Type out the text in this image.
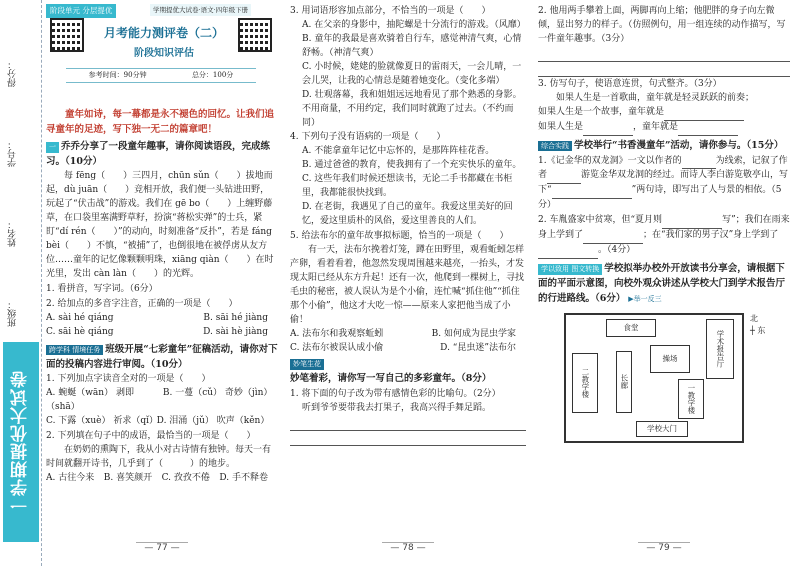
得分：
学号：
姓名：
班级：
一学期提优大试卷
阶段单元 分层提优	学期提优大试卷·语文·四年级下册
月考能力测评卷（二）
阶段知识评估
参考时间：90分钟	总分：100分
童年如诗，每一幕都是永不褪色的回忆。让我们追寻童年的足迹，写下独一无二的篇章吧！
一 乔乔分享了一段童年趣事，请你阅读语段，完成练习。（10分）
每 fēng（　　）三四月，chūn sǔn（　　）拔地而起，dù juān（　　）竞相开放，我们便一头钻进田野，玩起了“伏击战”的游戏。我们在 gē bo（　　）上缠野藤草，在口袋里塞满野草籽，扮演“蒋松实弹”的士兵，紧盯“dí rén（　　）”的动向，时刻准备“反扑”，若是 fáng bèi（　　）不慎，“被捕”了，也倒很地在被俘虏从友方位……童年的记忆像颗颗明珠，xiāng qiàn（　　）在时光里，发出 càn làn（　　）的光辉。
1. 看拼音，写字词。（6分）
2. 给加点的多音字注音，正确的一项是（　　）
A. sài hé qiáng	B. sāi hé jiàng
C. sāi hè qiáng	D. sài hè jiàng
跨学科 情境任务 班级开展“七彩童年”征稿活动，请你对下面的投稿内容进行审阅。（10分）
1. 下列加点字读音全对的一项是（　　）
A. 蜿蜒（wān） 剥即（shā）
B. 一蔓（cǔ） 奇妙（jìn）
C. 下露（xuè） 祈求（qǐ）
D. 泪涌（jǔ） 吹声（kěn）
2. 下列填在句子中的成语，最恰当的一项是（　　）
在奶奶的熏陶下，我从小对古诗情有独钟。每天一有时间就翻开诗书，几乎到了（　　　）的地步。
A. 古往今来 B. 喜笑颜开 C. 孜孜不倦 D. 手不释卷
— 77 —
3. 用词语形容加点部分，不恰当的一项是（　　）
A. 在父亲的身影中，抽陀螺是十分流行的游戏。（风靡）
B. 童年的我最是喜欢骑着自行车，感觉神清气爽，心情舒畅。（神清气爽）
C. 小时候，姥姥的脸就像夏日的雷雨天，一会儿晴，一会儿哭，让我的心情总是随着她变化。（变化多端）
D. 壮观落幕，我和姐姐远远地看见了那个熟悉的身影。不用商量，不用约定，我们同时就跑了过去。（不约而同）
4. 下列句子没有语病的一项是（　　）
A. 不能拿童年记忆中忘怀的，是那阵阵桂花香。
B. 通过爸爸的教育，使我拥有了一个充实快乐的童年。
C. 这些年我们时候还想读书，无论二手书都藏在书柜里，我都能很快找到。
D. 在老街，我遇见了自己的童年。我爱这里美好的回忆，爱这里质朴的风俗，爱这里善良的人们。
5. 给法布尔的童年故事拟标题，恰当的一项是（　　）
有一天，法布尔挽着灯笼，蹲在田野里，观看蚯蚓怎样产卵，看着看着，他忽然发现周围越来越亮，一抬头，才发现太阳已经从东方升起！还有一次，他爬到一棵树上，寻找毛虫的秘密，被人误认为是个小偷，连忙喊“抓住他”“抓住那个小偷”，他这才大吃一惊——原来人家把他当成了小偷！
A. 法布尔和我观察蚯蚓	B. 如何成为昆虫学家
C. 法布尔被误认成小偷	D. “昆虫迷”法布尔
妙笔生花妙笔着彩，请你写一写自己的多彩童年。（8分）
1. 将下面的句子改为带有感情色彩的比喻句。（2分）
听到爷爷要带我去打果子，我高兴得手舞足蹈。
— 78 —
2. 他用两手攀着上面，两脚再向上缩；他肥胖的身子向左微倾，显出努力的样子。（仿照例句，用一组连续的动作描写，写一件童年趣事。（3分）
3. 仿写句子，使语意连贯，句式整齐。（3分）
如果人生是一首歌曲，童年就是轻灵跃跃的前奏；
如果人生是一个故事，童年就是
如果人生是	，童年就是
综合实践 学校举行“书香漫童年”活动，请你参与。（15分）
1.《记金华的双龙洞》一文以作者的	为线索，记叙了作者	游览金华双龙洞的经过。而诗人李白游览敬亭山，写下“	”两句诗，即写出了人与景的相依。（5分）
2. 车胤盛家中贫寒，但“夏月则	写”；我们在雨来身上学到了	；在“我们家的男子汉”身上学到了 。（4分）
学以致用 图文转换 学校拟举办校外开放读书分享会，请根据下面的平面示意图，向校外观众讲述从学校大门到学术报告厅的行进路线。（6分） ▶举一反三
食堂
学术报告厅
二教学楼	长廊
操场
一教学楼
学校大门
北
┼ 东
— 79 —
